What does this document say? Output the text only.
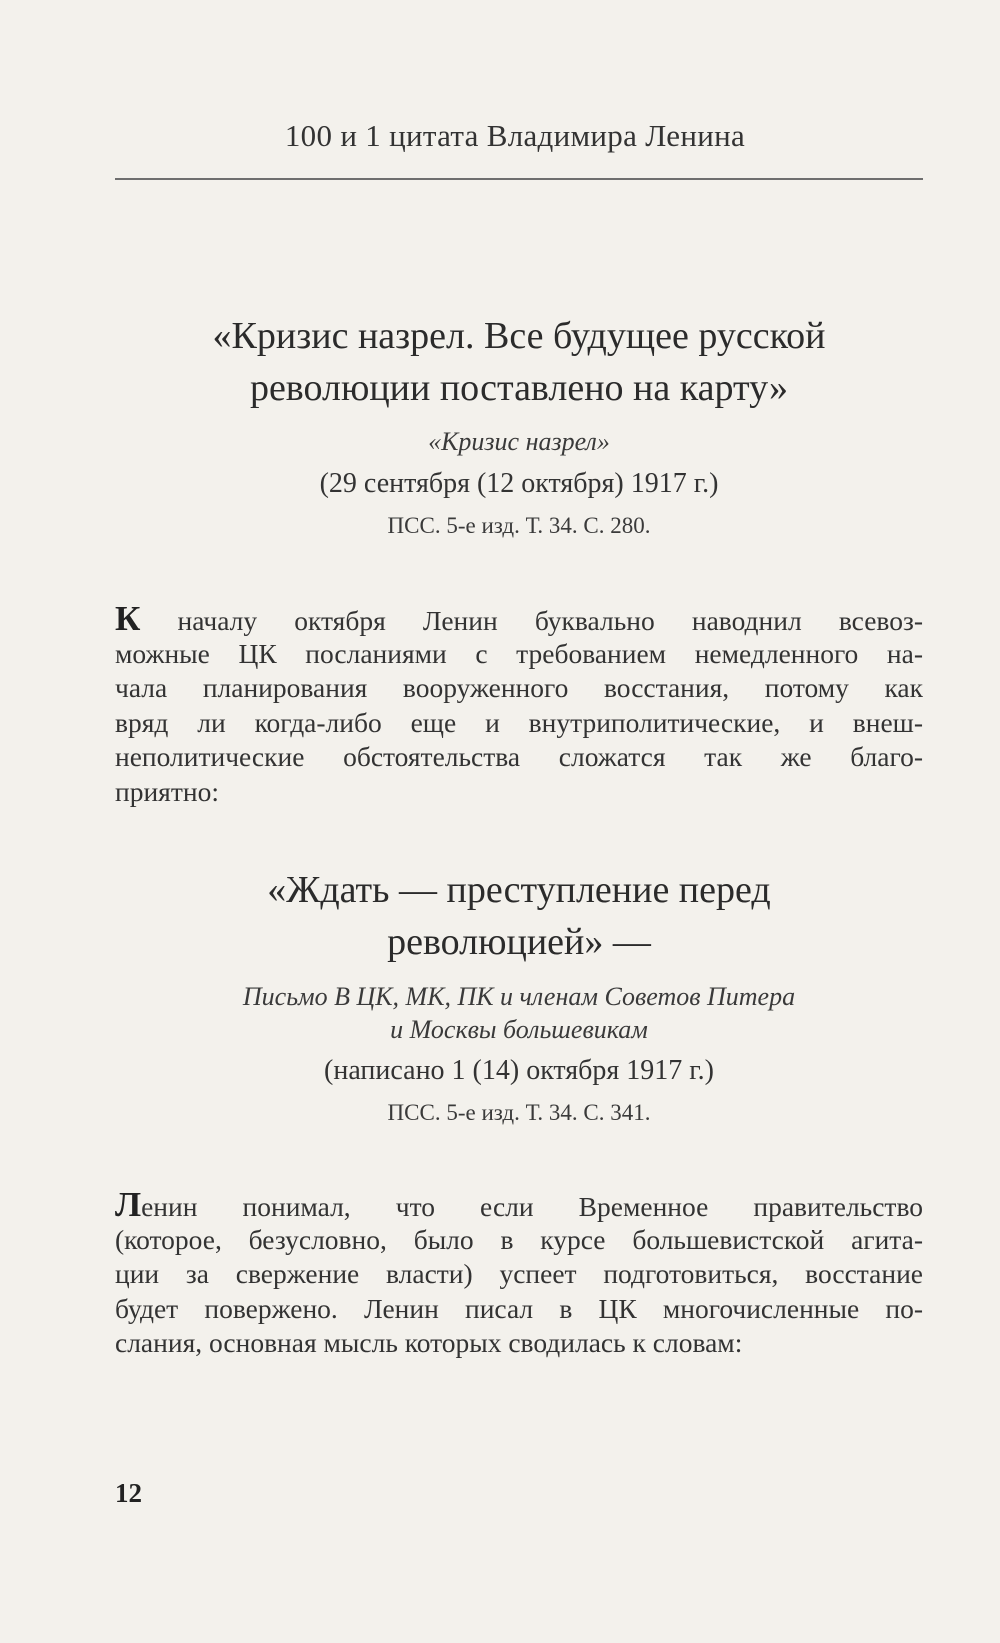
100 и 1 цитата Владимира Ленина
«Кризис назрел. Все будущее русской
революции поставлено на карту»
«Кризис назрел»
(29 сентября (12 октября) 1917 г.)
ПСС. 5-е изд. Т. 34. С. 280.
К началу октября Ленин буквально наводнил всевоз-
можные ЦК посланиями с требованием немедленного на-
чала планирования вооруженного восстания, потому как
вряд ли когда-либо еще и внутриполитические, и внеш-
неполитические обстоятельства сложатся так же благо-
приятно:
«Ждать — преступление перед
революцией» —
Письмо В ЦК, МК, ПК и членам Советов Питера
и Москвы большевикам
(написано 1 (14) октября 1917 г.)
ПСС. 5-е изд. Т. 34. С. 341.
Ленин понимал, что если Временное правительство
(которое, безусловно, было в курсе большевистской агита-
ции за свержение власти) успеет подготовиться, восстание
будет повержено. Ленин писал в ЦК многочисленные по-
слания, основная мысль которых сводилась к словам:
12
